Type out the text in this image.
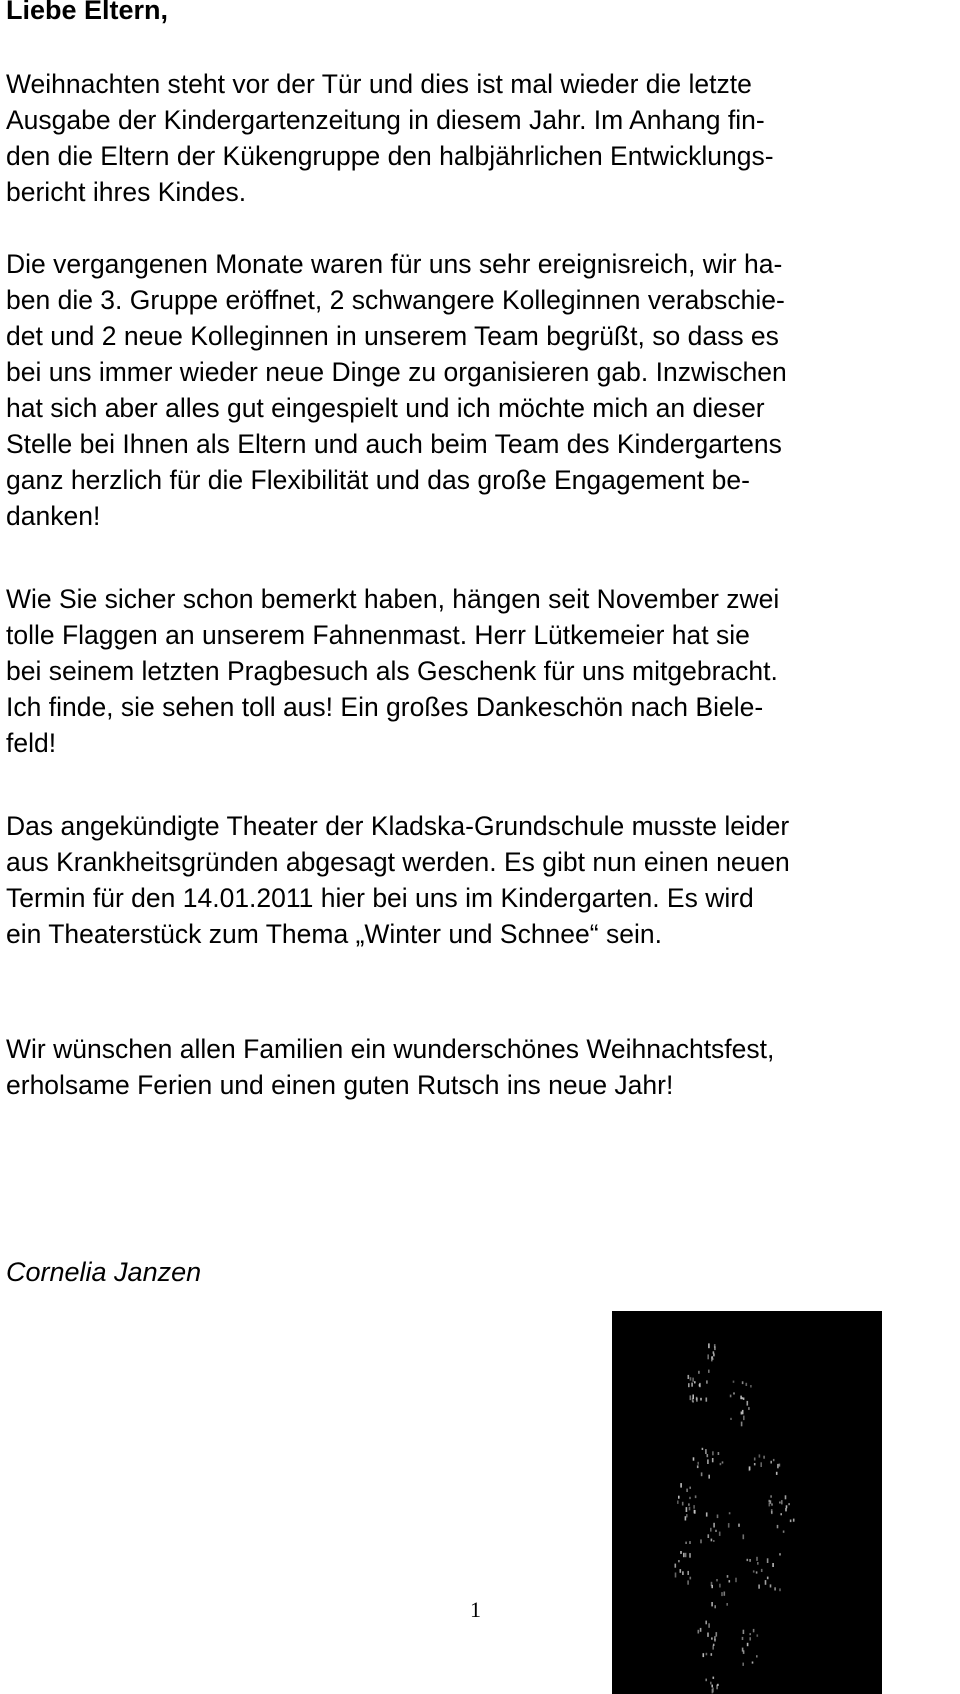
Liebe Eltern,

Weihnachten steht vor der Tür und dies ist mal wieder die letzte
Ausgabe der Kindergartenzeitung in diesem Jahr. Im Anhang fin-
den die Eltern der Kükengruppe den halbjährlichen Entwicklungs-
bericht ihres Kindes.

Die vergangenen Monate waren für uns sehr ereignisreich, wir ha-
ben die 3. Gruppe eröffnet, 2 schwangere Kolleginnen verabschie-
det und 2 neue Kolleginnen in unserem Team begrüßt, so dass es
bei uns immer wieder neue Dinge zu organisieren gab. Inzwischen
hat sich aber alles gut eingespielt und ich möchte mich an dieser
Stelle bei Ihnen als Eltern und auch beim Team des Kindergartens
ganz herzlich für die Flexibilität und das große Engagement be-
danken!

Wie Sie sicher schon bemerkt haben, hängen seit November zwei
tolle Flaggen an unserem Fahnenmast. Herr Lütkemeier hat sie
bei seinem letzten Pragbesuch als Geschenk für uns mitgebracht.
Ich finde, sie sehen toll aus! Ein großes Dankeschön nach Biele-
feld!

Das angekündigte Theater der Kladska-Grundschule musste leider
aus Krankheitsgründen abgesagt werden. Es gibt nun einen neuen
Termin für den 14.01.2011 hier bei uns im Kindergarten. Es wird
ein Theaterstück zum Thema „Winter und Schnee“ sein.

Wir wünschen allen Familien ein wunderschönes Weihnachtsfest,
erholsame Ferien und einen guten Rutsch ins neue Jahr!

Cornelia Janzen

1
